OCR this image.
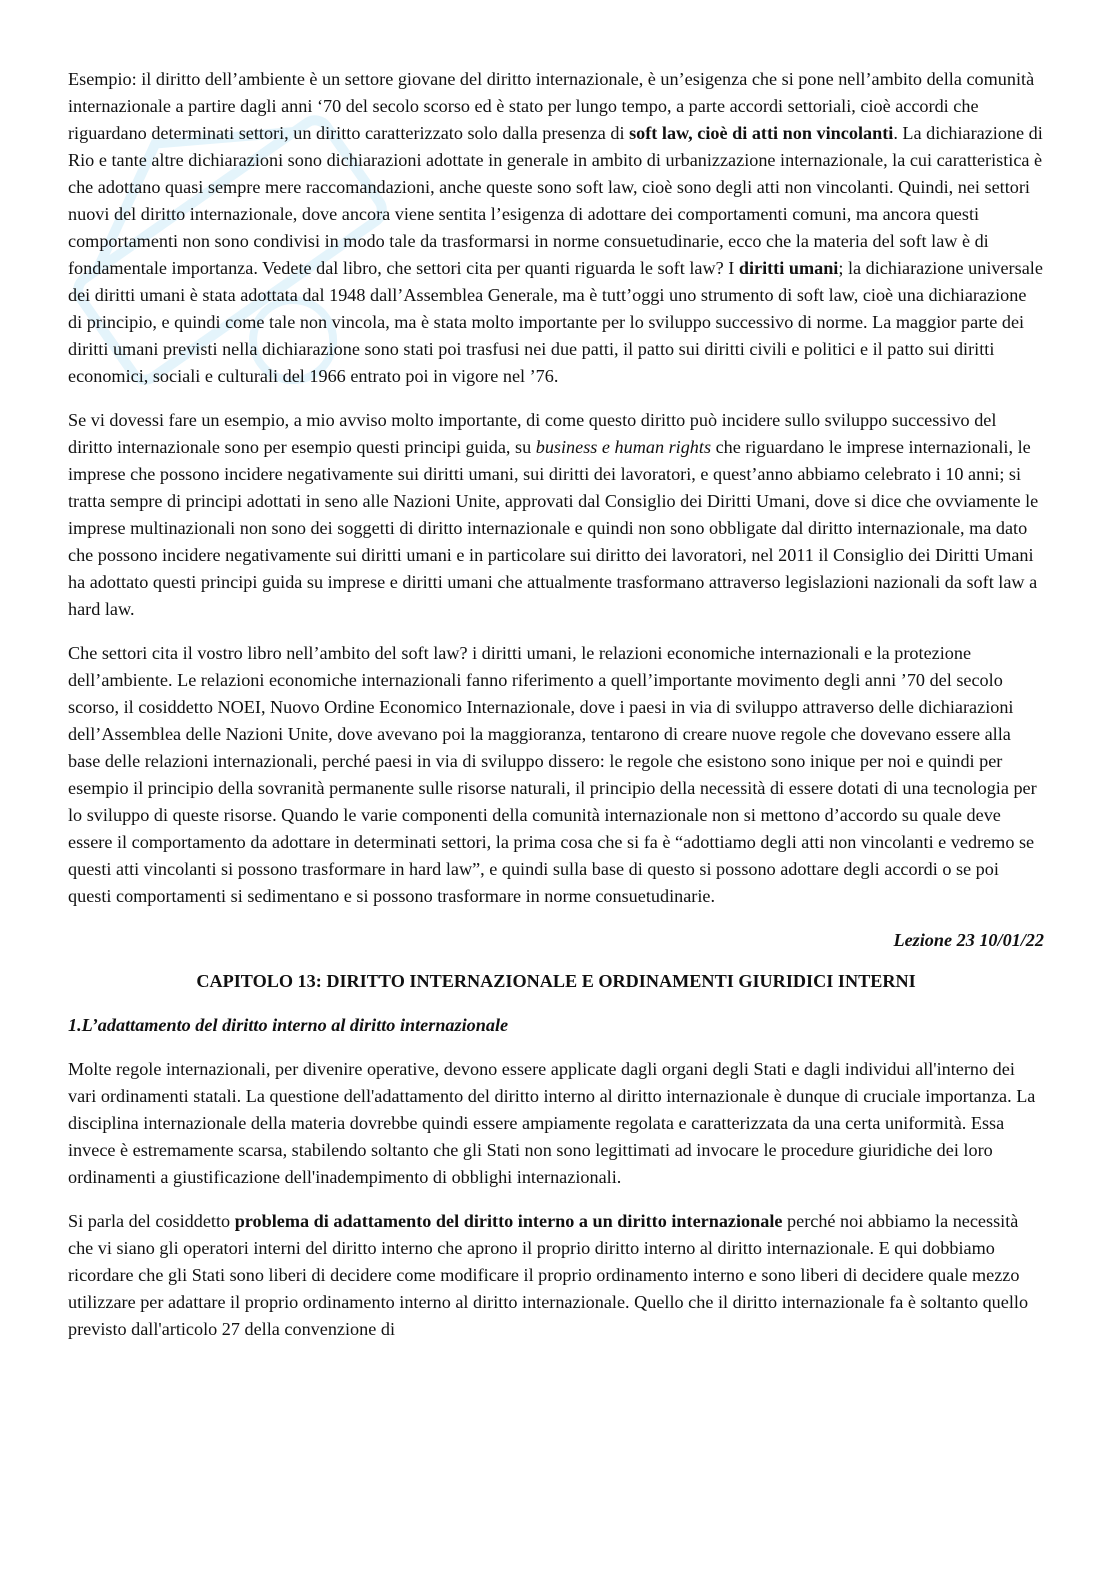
Esempio: il diritto dell’ambiente è un settore giovane del diritto internazionale, è un’esigenza che si pone nell’ambito della comunità internazionale a partire dagli anni ‘70 del secolo scorso ed è stato per lungo tempo, a parte accordi settoriali, cioè accordi che riguardano determinati settori, un diritto caratterizzato solo dalla presenza di soft law, cioè di atti non vincolanti. La dichiarazione di Rio e tante altre dichiarazioni sono dichiarazioni adottate in generale in ambito di urbanizzazione internazionale, la cui caratteristica è che adottano quasi sempre mere raccomandazioni, anche queste sono soft law, cioè sono degli atti non vincolanti. Quindi, nei settori nuovi del diritto internazionale, dove ancora viene sentita l’esigenza di adottare dei comportamenti comuni, ma ancora questi comportamenti non sono condivisi in modo tale da trasformarsi in norme consuetudinarie, ecco che la materia del soft law è di fondamentale importanza. Vedete dal libro, che settori cita per quanti riguarda le soft law? I diritti umani; la dichiarazione universale dei diritti umani è stata adottata dal 1948 dall’Assemblea Generale, ma è tutt’oggi uno strumento di soft law, cioè una dichiarazione di principio, e quindi come tale non vincola, ma è stata molto importante per lo sviluppo successivo di norme. La maggior parte dei diritti umani previsti nella dichiarazione sono stati poi trasfusi nei due patti, il patto sui diritti civili e politici e il patto sui diritti economici, sociali e culturali del 1966 entrato poi in vigore nel ’76.

Se vi dovessi fare un esempio, a mio avviso molto importante, di come questo diritto può incidere sullo sviluppo successivo del diritto internazionale sono per esempio questi principi guida, su business e human rights che riguardano le imprese internazionali, le imprese che possono incidere negativamente sui diritti umani, sui diritti dei lavoratori, e quest’anno abbiamo celebrato i 10 anni; si tratta sempre di principi adottati in seno alle Nazioni Unite, approvati dal Consiglio dei Diritti Umani, dove si dice che ovviamente le imprese multinazionali non sono dei soggetti di diritto internazionale e quindi non sono obbligate dal diritto internazionale, ma dato che possono incidere negativamente sui diritti umani e in particolare sui diritto dei lavoratori, nel 2011 il Consiglio dei Diritti Umani ha adottato questi principi guida su imprese e diritti umani che attualmente trasformano attraverso legislazioni nazionali da soft law a hard law.

Che settori cita il vostro libro nell’ambito del soft law? i diritti umani, le relazioni economiche internazionali e la protezione dell’ambiente. Le relazioni economiche internazionali fanno riferimento a quell’importante movimento degli anni ’70 del secolo scorso, il cosiddetto NOEI, Nuovo Ordine Economico Internazionale, dove i paesi in via di sviluppo attraverso delle dichiarazioni dell’Assemblea delle Nazioni Unite, dove avevano poi la maggioranza, tentarono di creare nuove regole che dovevano essere alla base delle relazioni internazionali, perché paesi in via di sviluppo dissero: le regole che esistono sono inique per noi e quindi per esempio il principio della sovranità permanente sulle risorse naturali, il principio della necessità di essere dotati di una tecnologia per lo sviluppo di queste risorse. Quando le varie componenti della comunità internazionale non si mettono d’accordo su quale deve essere il comportamento da adottare in determinati settori, la prima cosa che si fa è “adottiamo degli atti non vincolanti e vedremo se questi atti vincolanti si possono trasformare in hard law”, e quindi sulla base di questo si possono adottare degli accordi o se poi questi comportamenti si sedimentano e si possono trasformare in norme consuetudinarie.

Lezione 23 10/01/22
CAPITOLO 13: DIRITTO INTERNAZIONALE E ORDINAMENTI GIURIDICI INTERNI
1.L’adattamento del diritto interno al diritto internazionale

Molte regole internazionali, per divenire operative, devono essere applicate dagli organi degli Stati e dagli individui all'interno dei vari ordinamenti statali. La questione dell'adattamento del diritto interno al diritto internazionale è dunque di cruciale importanza. La disciplina internazionale della materia dovrebbe quindi essere ampiamente regolata e caratterizzata da una certa uniformità. Essa invece è estremamente scarsa, stabilendo soltanto che gli Stati non sono legittimati ad invocare le procedure giuridiche dei loro ordinamenti a giustificazione dell'inadempimento di obblighi internazionali.

Si parla del cosiddetto problema di adattamento del diritto interno a un diritto internazionale perché noi abbiamo la necessità che vi siano gli operatori interni del diritto interno che aprono il proprio diritto interno al diritto internazionale. E qui dobbiamo ricordare che gli Stati sono liberi di decidere come modificare il proprio ordinamento interno e sono liberi di decidere quale mezzo utilizzare per adattare il proprio ordinamento interno al diritto internazionale. Quello che il diritto internazionale fa è soltanto quello previsto dall'articolo 27 della convenzione di
